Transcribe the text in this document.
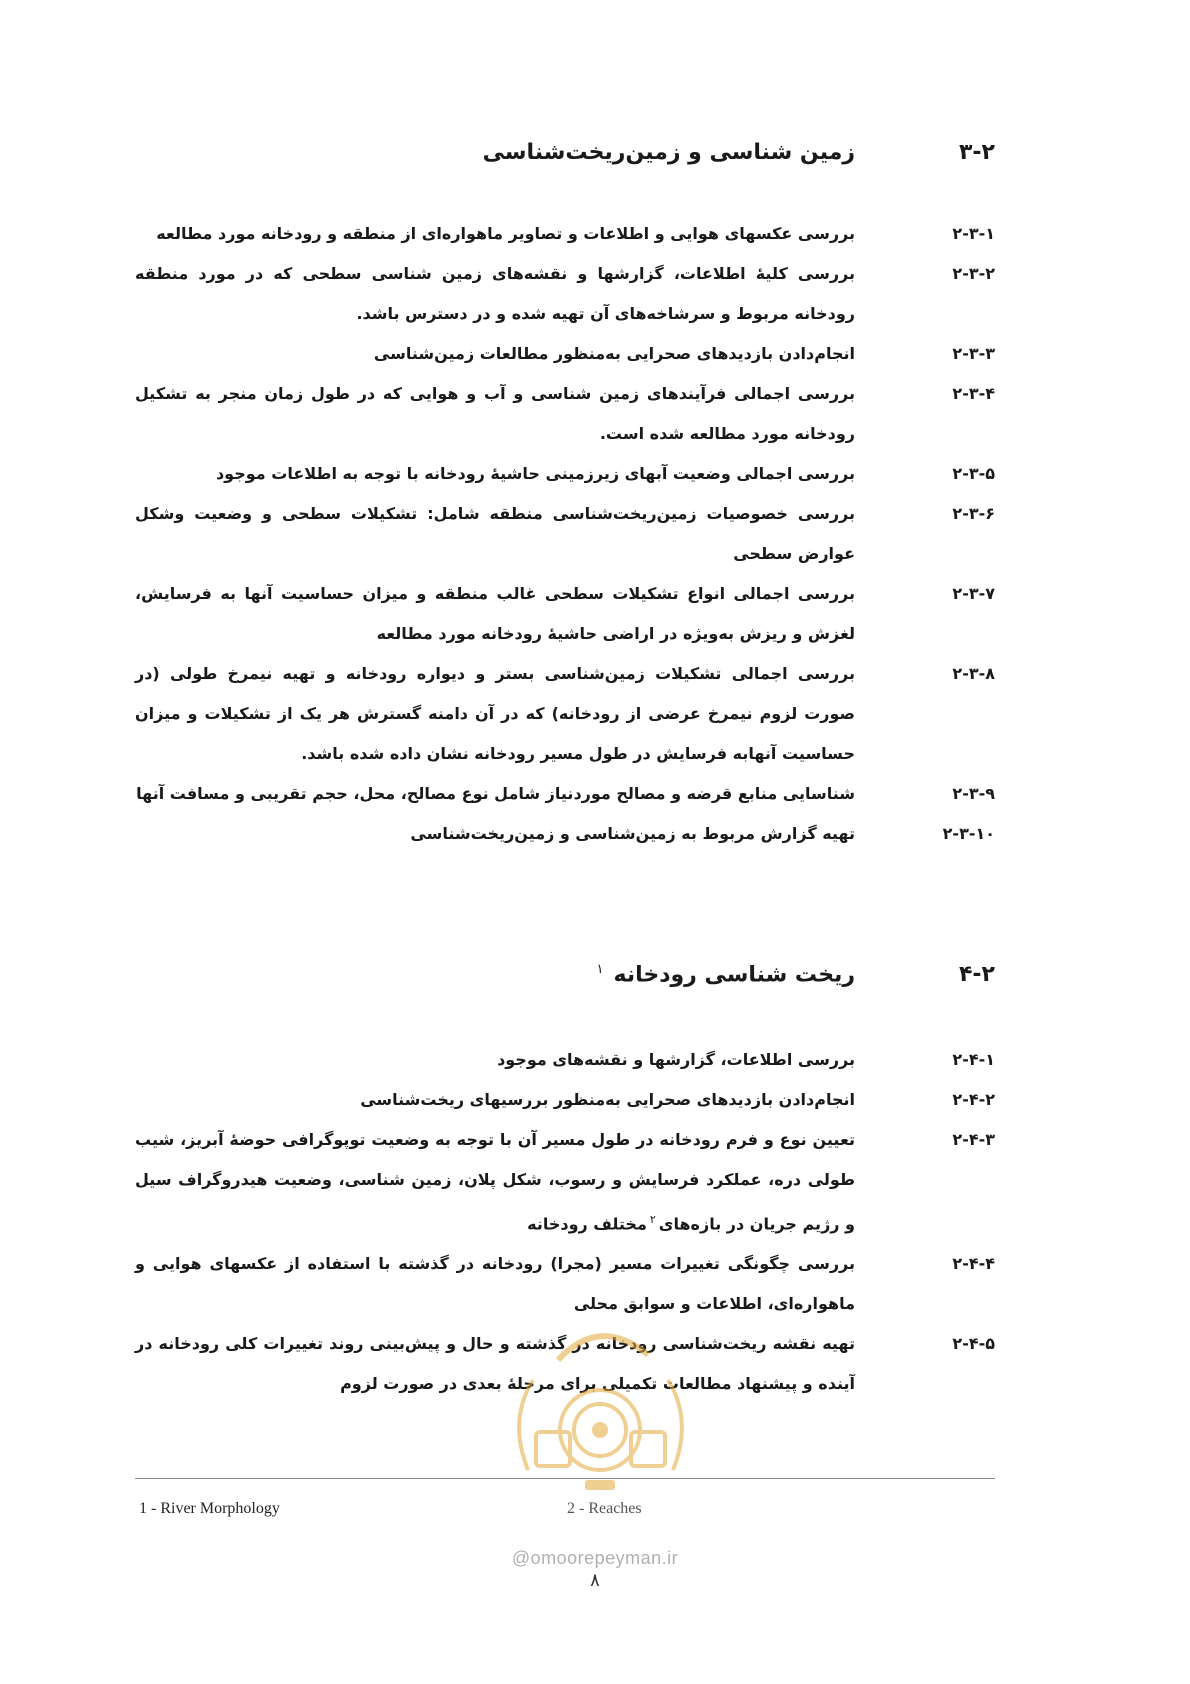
۳-۲
زمین شناسی و زمین‌ریخت‌شناسی
۲-۳-۱
بررسی عکسهای هوایی و اطلاعات و تصاویر ماهواره‌ای از منطقه و رودخانه مورد مطالعه
۲-۳-۲
بررسی کلیهٔ اطلاعات، گزارشها و نقشه‌های زمین شناسی سطحی که در مورد منطقه رودخانه مربوط و سرشاخه‌های آن تهیه شده و در دسترس باشد.
۲-۳-۳
انجام‌دادن بازدیدهای صحرایی به‌منظور مطالعات زمین‌شناسی
۲-۳-۴
بررسی اجمالی فرآیندهای زمین شناسی و آب و هوایی که در طول زمان منجر به تشکیل رودخانه مورد مطالعه شده است.
۲-۳-۵
بررسی اجمالی وضعیت آبهای زیرزمینی حاشیهٔ رودخانه با توجه به اطلاعات موجود
۲-۳-۶
بررسی خصوصیات زمین‌ریخت‌شناسی منطقه شامل: تشکیلات سطحی و وضعیت وشکل عوارض سطحی
۲-۳-۷
بررسی اجمالی انواع تشکیلات سطحی غالب منطقه و میزان حساسیت آنها به فرسایش، لغزش و ریزش به‌ویژه در اراضی حاشیهٔ رودخانه مورد مطالعه
۲-۳-۸
بررسی اجمالی تشکیلات زمین‌شناسی بستر و دیواره رودخانه و تهیه نیمرخ طولی (در صورت لزوم نیمرخ عرضی از رودخانه) که در آن دامنه گسترش هر یک از تشکیلات و میزان حساسیت آنهابه فرسایش در طول مسیر رودخانه نشان داده شده باشد.
۲-۳-۹
شناسایی منابع قرضه و مصالح موردنیاز شامل نوع مصالح، محل، حجم تقریبی و مسافت آنها
۲-۳-۱۰
تهیه گزارش مربوط به زمین‌شناسی و زمین‌ریخت‌شناسی
۴-۲
ریخت شناسی رودخانه$^۱$
۲-۴-۱
بررسی اطلاعات، گزارشها و نقشه‌های موجود
۲-۴-۲
انجام‌دادن بازدیدهای صحرایی به‌منظور بررسیهای ریخت‌شناسی
۲-۴-۳
تعیین نوع و فرم رودخانه در طول مسیر آن با توجه به وضعیت توپوگرافی حوضهٔ آبریز، شیب طولی دره، عملکرد فرسایش و رسوب، شکل پلان، زمین شناسی، وضعیت هیدروگراف سیل و رژیم جریان در بازه‌های$^۲$مختلف رودخانه
۲-۴-۴
بررسی چگونگی تغییرات مسیر (مجرا) رودخانه در گذشته با استفاده از عکسهای هوایی و ماهواره‌ای، اطلاعات و سوابق محلی
۲-۴-۵
تهیه نقشه ریخت‌شناسی رودخانه در گذشته و حال و پیش‌بینی روند تغییرات کلی رودخانه در آینده و پیشنهاد مطالعات تکمیلی برای مرحلهٔ بعدی در صورت لزوم
1 - River Morphology	2 - Reaches
@omoorepeyman.ir
۸
